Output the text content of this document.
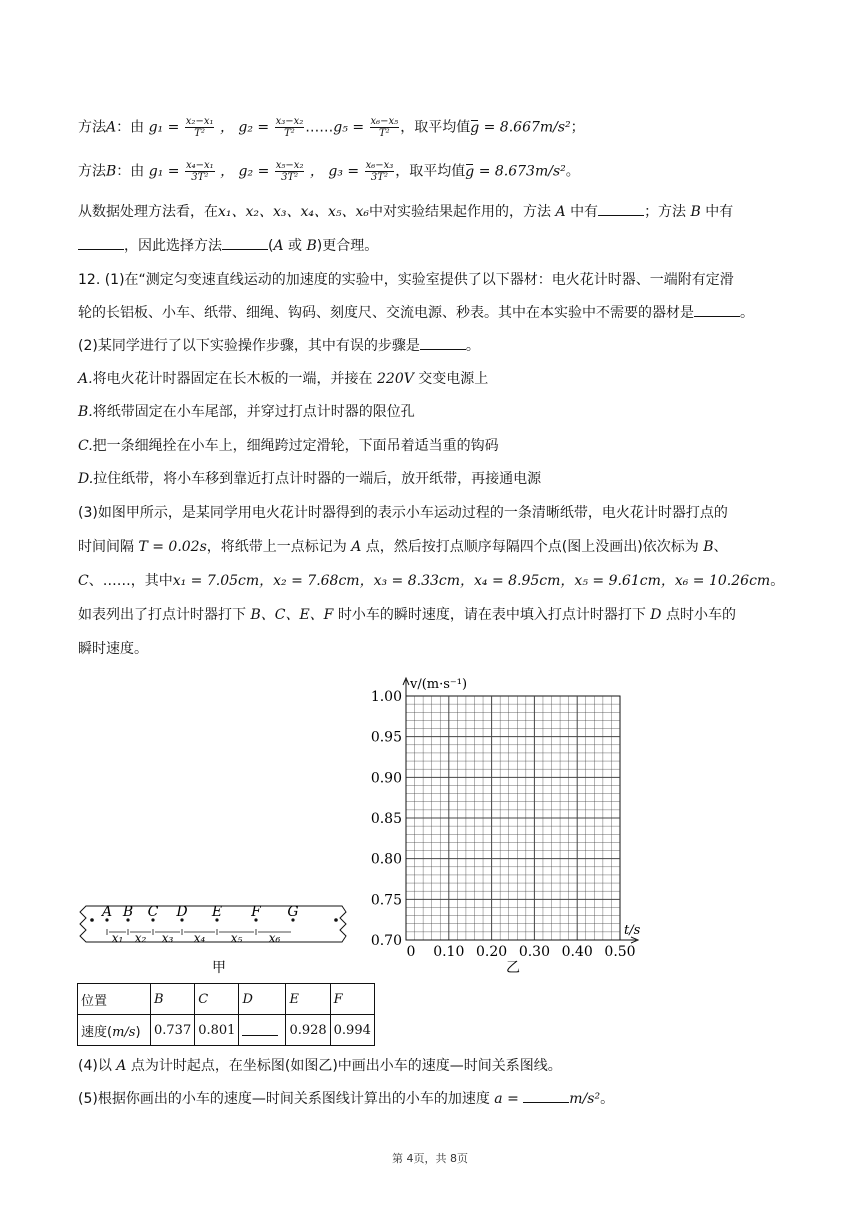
方法A：由 $g_1 = \frac{\text{x₂−x₁}}{\text{T²}}$ ， $g_2 = \frac{\text{x₃−x₂}}{\text{T²}}$ ……g₅ = $\frac{\text{x₆−x₅}}{\text{T²}}$ ，取平均值g = 8.667m/s²；
方法B：由 $g_1 = \frac{\text{x₄−x₁}}{\text{3T²}}$ ， $g_2 = \frac{\text{x₅−x₂}}{\text{3T²}}$ ， $g_3 = \frac{\text{x₆−x₃}}{\text{3T²}}$ ，取平均值g = 8.673m/s²。
从数据处理方法看，在x₁、x₂、x₃、x₄、x₅、x₆中对实验结果起作用的，方法 A 中有	；方法 B 中有
，因此选择方法	(A 或 B)更合理。
12. (1)在“测定匀变速直线运动的加速度的实验中，实验室提供了以下器材：电火花计时器、一端附有定滑
轮的长铝板、小车、纸带、细绳、钩码、刻度尺、交流电源、秒表。其中在本实验中不需要的器材是	。
(2)某同学进行了以下实验操作步骤，其中有误的步骤是	。
A.将电火花计时器固定在长木板的一端，并接在 220V 交变电源上
B.将纸带固定在小车尾部，并穿过打点计时器的限位孔
C.把一条细绳拴在小车上，细绳跨过定滑轮，下面吊着适当重的钩码
D.拉住纸带，将小车移到靠近打点计时器的一端后，放开纸带，再接通电源
(3)如图甲所示，是某同学用电火花计时器得到的表示小车运动过程的一条清晰纸带，电火花计时器打点的
时间间隔 T = 0.02s，将纸带上一点标记为 A 点，然后按打点顺序每隔四个点(图上没画出)依次标为 B、
C、……，其中x₁ = 7.05cm，x₂ = 7.68cm，x₃ = 8.33cm，x₄ = 8.95cm，x₅ = 9.61cm，x₆ = 10.26cm。
如表列出了打点计时器打下 B、C、E、F 时小车的瞬时速度，请在表中填入打点计时器打下 D 点时小车的
瞬时速度。
A B C D E F G
x₁ x₂ x₃ x₄ x₅ x₆
甲
1.00
0.95
0.90
0.85
0.80
0.75
0.70
0 0.10 0.20 0.30 0.40 0.50
v/(m·s⁻¹)
t/s
乙
位置	B	C	D	E	F
速度(m/s)	0.737	0.801		0.928	0.994
(4)以 A 点为计时起点，在坐标图(如图乙)中画出小车的速度—时间关系图线。
(5)根据你画出的小车的速度—时间关系图线计算出的小车的加速度 a =	m/s²。
第 4页，共 8页
